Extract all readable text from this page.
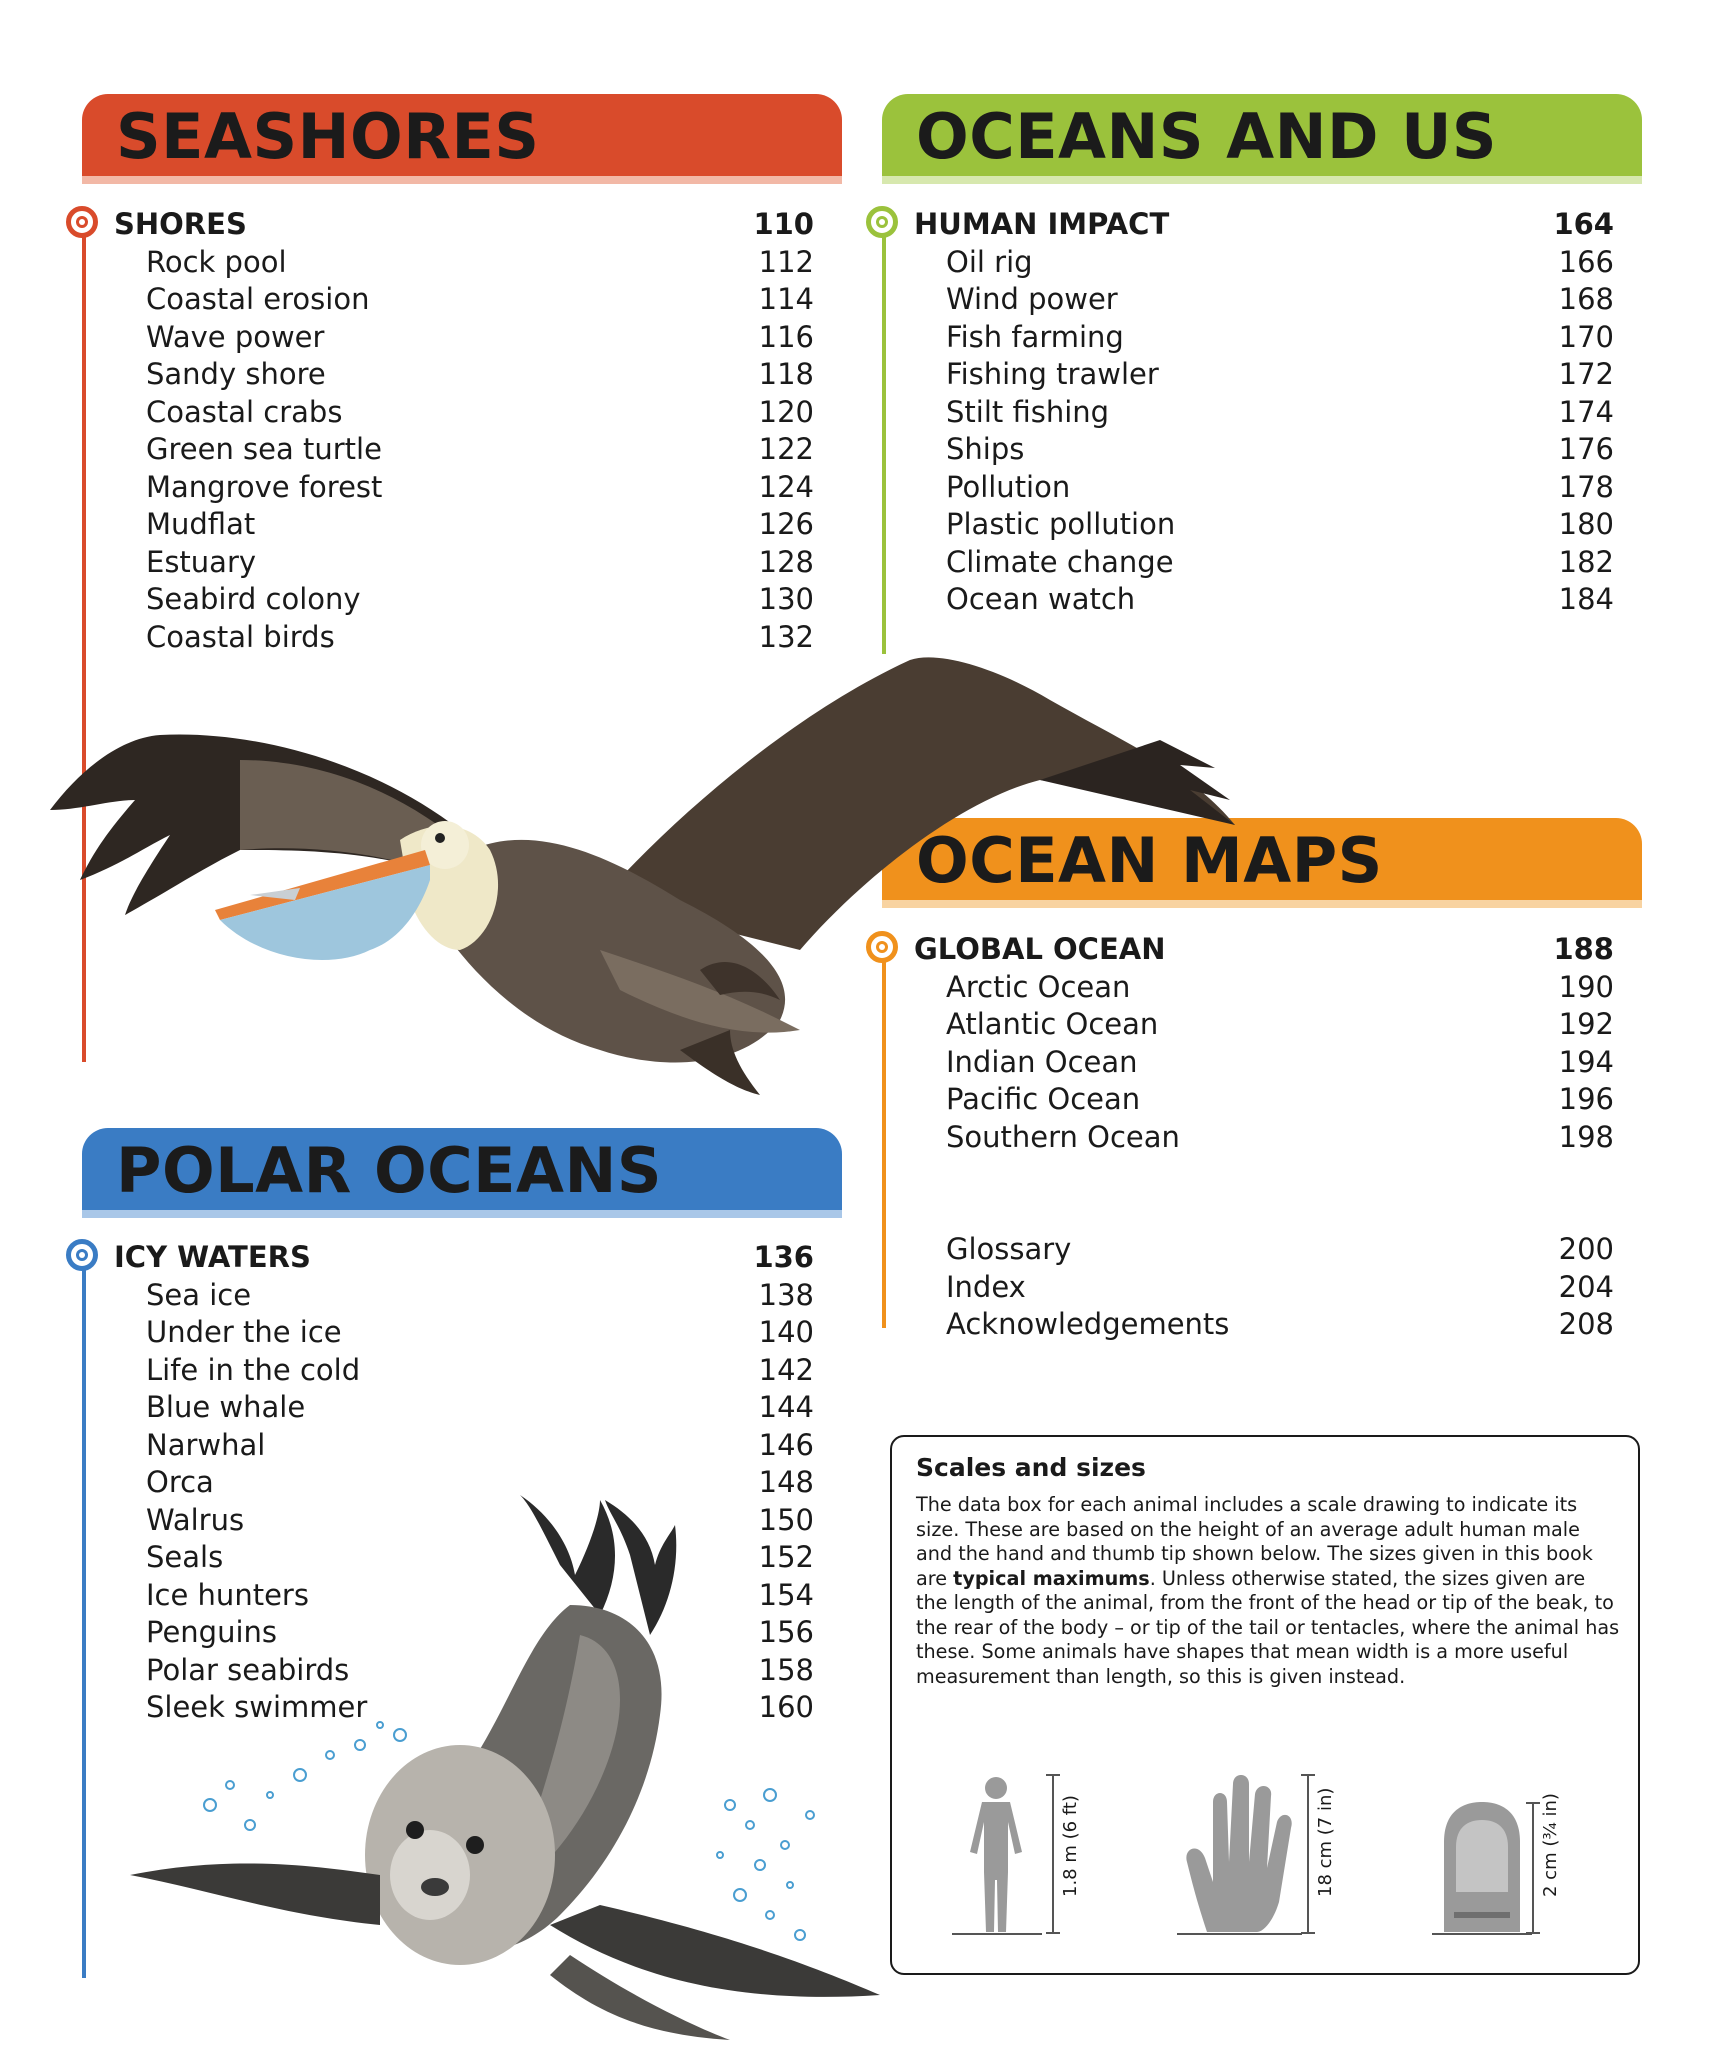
SEASHORES
SHORES	110
Rock pool	112
Coastal erosion	114
Wave power	116
Sandy shore	118
Coastal crabs	120
Green sea turtle	122
Mangrove forest	124
Mudflat	126
Estuary	128
Seabird colony	130
Coastal birds	132
OCEANS AND US
HUMAN IMPACT	164
Oil rig	166
Wind power	168
Fish farming	170
Fishing trawler	172
Stilt fishing	174
Ships	176
Pollution	178
Plastic pollution	180
Climate change	182
Ocean watch	184
OCEAN MAPS
GLOBAL OCEAN	188
Arctic Ocean	190
Atlantic Ocean	192
Indian Ocean	194
Pacific Ocean	196
Southern Ocean	198
Glossary	200
Index	204
Acknowledgements	208
POLAR OCEANS
ICY WATERS	136
Sea ice	138
Under the ice	140
Life in the cold	142
Blue whale	144
Narwhal	146
Orca	148
Walrus	150
Seals	152
Ice hunters	154
Penguins	156
Polar seabirds	158
Sleek swimmer	160
Scales and sizes

The data box for each animal includes a scale drawing to indicate its size. These are based on the height of an average adult human male and the hand and thumb tip shown below. The sizes given in this book are typical maximums. Unless otherwise stated, the sizes given are the length of the animal, from the front of the head or tip of the beak, to the rear of the body – or tip of the tail or tentacles, where the animal has these. Some animals have shapes that mean width is a more useful measurement than length, so this is given instead.

1.8 m (6 ft)	18 cm (7 in)	2 cm (¾ in)
